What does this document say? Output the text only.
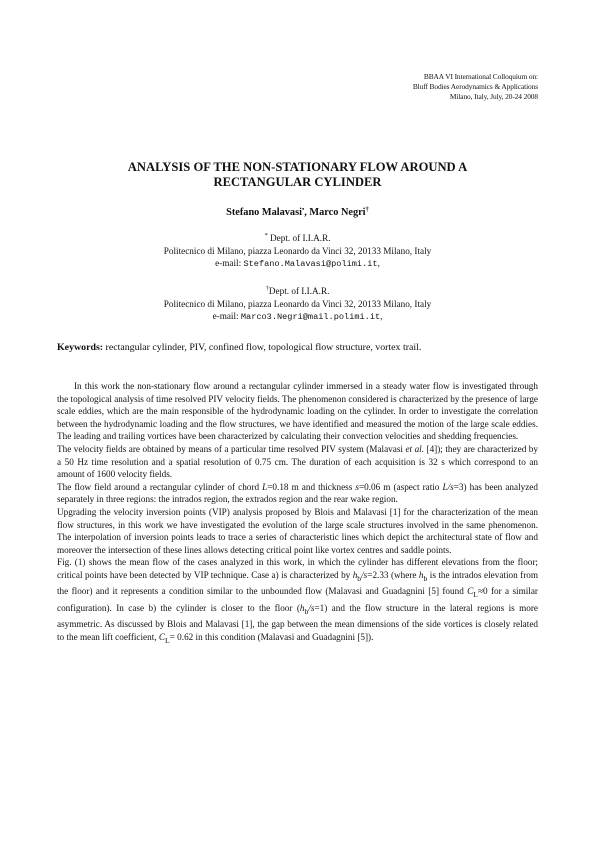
BBAA VI International Colloquium on:
Bluff Bodies Aerodynamics & Applications
Milano, Italy, July, 20-24 2008
ANALYSIS OF THE NON-STATIONARY FLOW AROUND A
RECTANGULAR CYLINDER
Stefano Malavasi•, Marco Negri†
* Dept. of I.I.A.R.
Politecnico di Milano, piazza Leonardo da Vinci 32, 20133 Milano, Italy
e-mail: Stefano.Malavasi@polimi.it,
†Dept. of I.I.A.R.
Politecnico di Milano, piazza Leonardo da Vinci 32, 20133 Milano, Italy
e-mail: Marco3.Negri@mail.polimi.it,
Keywords: rectangular cylinder, PIV, confined flow, topological flow structure, vortex trail.

In this work the non-stationary flow around a rectangular cylinder immersed in a steady water flow is investigated through the topological analysis of time resolved PIV velocity fields. The phenomenon considered is characterized by the presence of large scale eddies, which are the main responsible of the hydrodynamic loading on the cylinder. In order to investigate the correlation between the hydrodynamic loading and the flow structures, we have identified and measured the motion of the large scale eddies. The leading and trailing vortices have been characterized by calculating their convection velocities and shedding frequencies.

The velocity fields are obtained by means of a particular time resolved PIV system (Malavasi et al. [4]); they are characterized by a 50 Hz time resolution and a spatial resolution of 0.75 cm. The duration of each acquisition is 32 s which correspond to an amount of 1600 velocity fields.

The flow field around a rectangular cylinder of chord L=0.18 m and thickness s=0.06 m (aspect ratio L/s=3) has been analyzed separately in three regions: the intrados region, the extrados region and the rear wake region.

Upgrading the velocity inversion points (VIP) analysis proposed by Blois and Malavasi [1] for the characterization of the mean flow structures, in this work we have investigated the evolution of the large scale structures involved in the same phenomenon. The interpolation of inversion points leads to trace a series of characteristic lines which depict the architectural state of flow and moreover the intersection of these lines allows detecting critical point like vortex centres and saddle points.

Fig. (1) shows the mean flow of the cases analyzed in this work, in which the cylinder has different elevations from the floor; critical points have been detected by VIP technique. Case a) is characterized by $h_b/s=2.33$ (where $h_b$ is the intrados elevation from the floor) and it represents a condition similar to the unbounded flow (Malavasi and Guadagnini [5] found $C_L\approx 0$ for a similar configuration). In case b) the cylinder is closer to the floor $(h_b/s=1)$ and the flow structure in the lateral regions is more asymmetric. As discussed by Blois and Malavasi [1], the gap between the mean dimensions of the side vortices is closely related to the mean lift coefficient, $C_L= 0.62$ in this condition (Malavasi and Guadagnini [5]).
